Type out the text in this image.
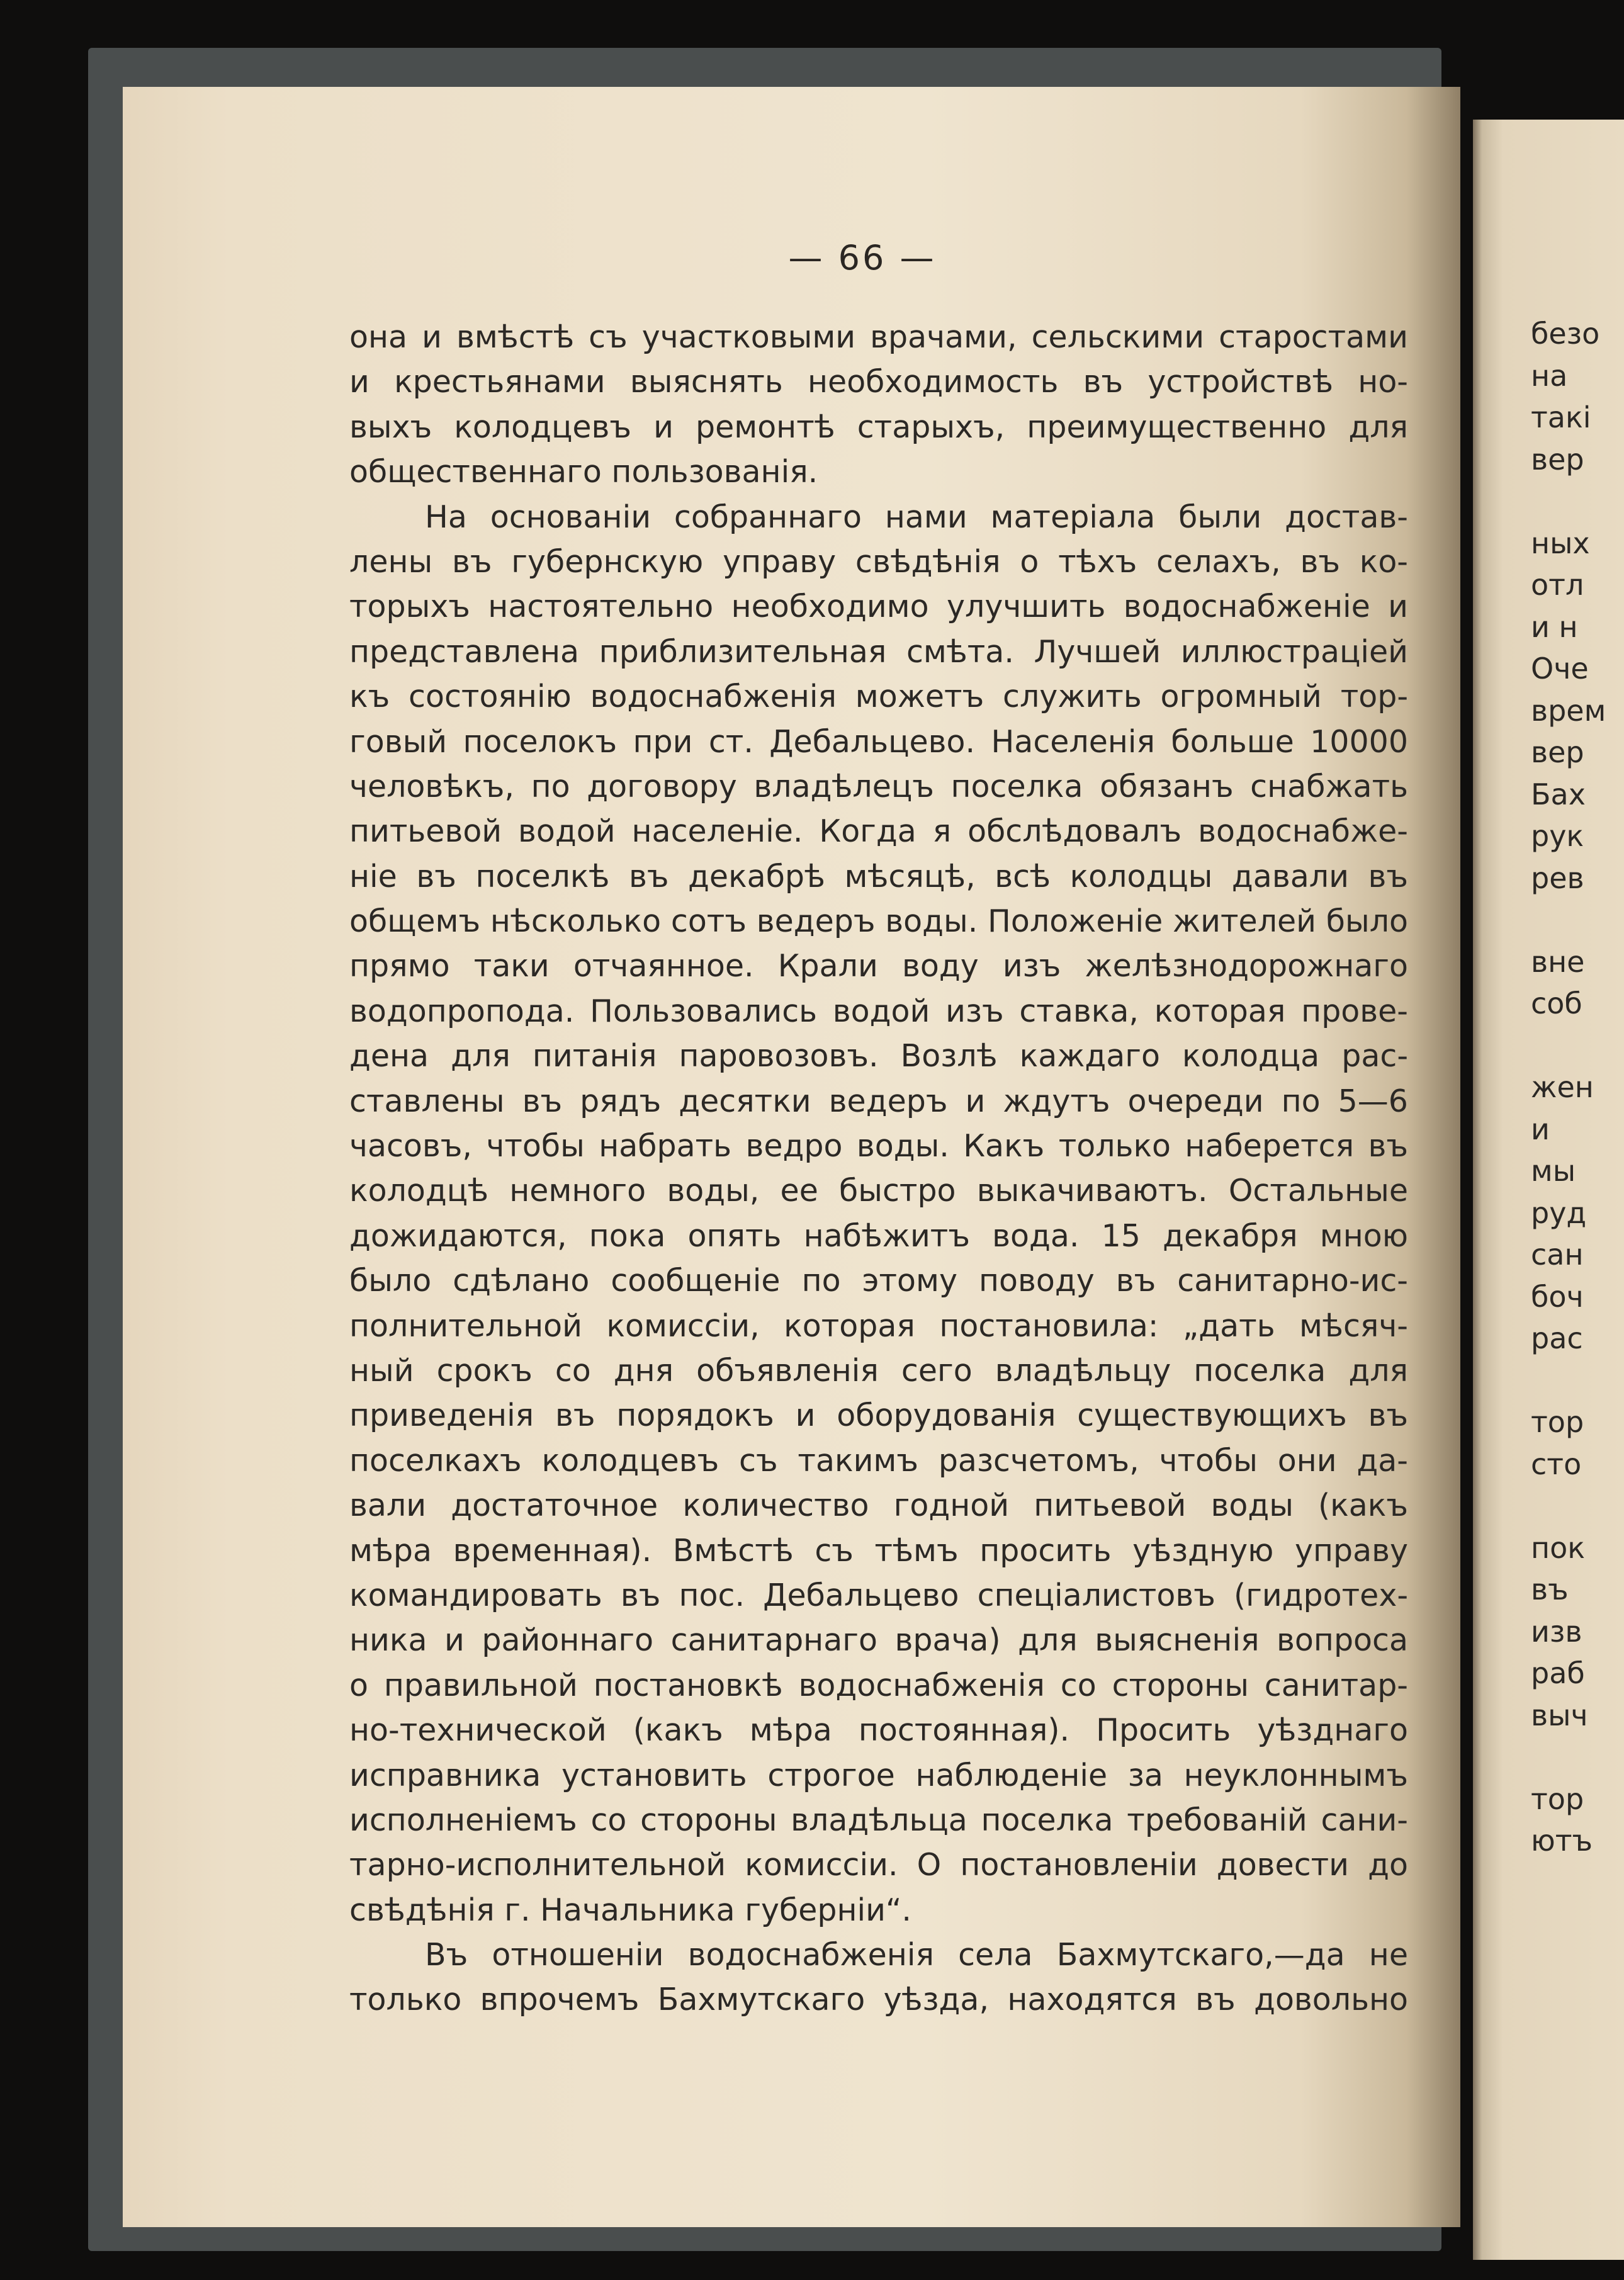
— 66 —
она и вмѣстѣ съ участковыми врачами, сельскими старостами
и крестьянами выяснять необходимость въ устройствѣ но-
выхъ колодцевъ и ремонтѣ старыхъ, преимущественно для
общественнаго пользованія.
На основаніи собраннаго нами матеріала были достав-
лены въ губернскую управу свѣдѣнія о тѣхъ селахъ, въ ко-
торыхъ настоятельно необходимо улучшить водоснабженіе и
представлена приблизительная смѣта. Лучшей иллюстраціей
къ состоянію водоснабженія можетъ служить огромный тор-
говый поселокъ при ст. Дебальцево. Населенія больше 10000
человѣкъ, по договору владѣлецъ поселка обязанъ снабжать
питьевой водой населеніе. Когда я обслѣдовалъ водоснабже-
ніе въ поселкѣ въ декабрѣ мѣсяцѣ, всѣ колодцы давали въ
общемъ нѣсколько сотъ ведеръ воды. Положеніе жителей было
прямо таки отчаянное. Крали воду изъ желѣзнодорожнаго
водопропода. Пользовались водой изъ ставка, которая прове-
дена для питанія паровозовъ. Возлѣ каждаго колодца рас-
ставлены въ рядъ десятки ведеръ и ждутъ очереди по 5—6
часовъ, чтобы набрать ведро воды. Какъ только наберется въ
колодцѣ немного воды, ее быстро выкачиваютъ. Остальные
дожидаются, пока опять набѣжитъ вода. 15 декабря мною
было сдѣлано сообщеніе по этому поводу въ санитарно-ис-
полнительной комиссіи, которая постановила: „дать мѣсяч-
ный срокъ со дня объявленія сего владѣльцу поселка для
приведенія въ порядокъ и оборудованія существующихъ въ
поселкахъ колодцевъ съ такимъ разсчетомъ, чтобы они да-
вали достаточное количество годной питьевой воды (какъ
мѣра временная). Вмѣстѣ съ тѣмъ просить уѣздную управу
командировать въ пос. Дебальцево спеціалистовъ (гидротех-
ника и районнаго санитарнаго врача) для выясненія вопроса
о правильной постановкѣ водоснабженія со стороны санитар-
но-технической (какъ мѣра постоянная). Просить уѣзднаго
исправника установить строгое наблюденіе за неуклоннымъ
исполненіемъ со стороны владѣльца поселка требованій сани-
тарно-исполнительной комиссіи. О постановленіи довести до
свѣдѣнія г. Начальника губерніи“.
Въ отношеніи водоснабженія села Бахмутскаго,—да не
только впрочемъ Бахмутскаго уѣзда, находятся въ довольно
безо
на
такі
вер
ных
отл
и н
Оче
врем
вер
Бах
рук
рев
вне
соб
жен
и
мы
руд
сан
боч
рас
тор
сто
пок
въ
изв
раб
выч
тор
ютъ
